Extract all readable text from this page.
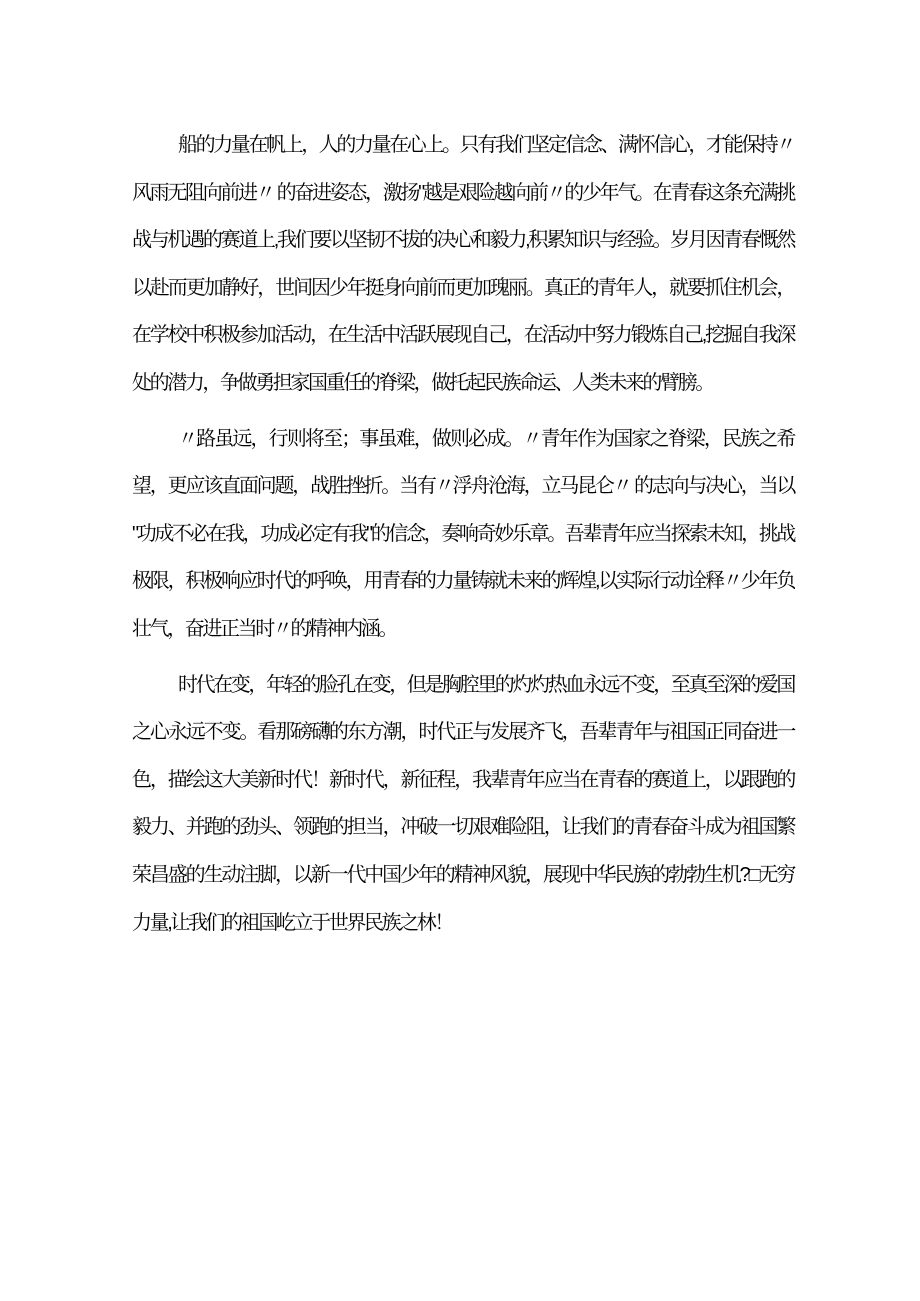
船的力量在帆上，人的力量在心上。只有我们坚定信念、满怀信心，才能保持〃风雨无阻向前进〃 的奋进姿态，激扬"越是艰险越向前〃的少年气。在青春这条充满挑战与机遇的赛道上,我们要以坚韧不拔的决心和毅力,积累知识与经验。岁月因青春慨然以赴而更加静好，世间因少年挺身向前而更加瑰丽。真正的青年人，就要抓住机会，在学校中积极参加活动，在生活中活跃展现自己，在活动中努力锻炼自己,挖掘自我深处的潜力，争做勇担家国重任的脊梁，做托起民族命运、人类未来的臂膀。

〃路虽远，行则将至；事虽难，做则必成。〃青年作为国家之脊梁，民族之希望，更应该直面问题，战胜挫折。当有〃浮舟沧海，立马昆仑〃 的志向与决心，当以 "功成不必在我，功成必定有我"的信念，奏响奇妙乐章。吾辈青年应当探索未知，挑战极限，积极响应时代的呼唤，用青春的力量铸就未来的辉煌,以实际行动诠释〃少年负壮气，奋进正当时〃的精神内涵。

时代在变，年轻的脸孔在变，但是胸腔里的灼灼热血永远不变，至真至深的爱国之心永远不变。看那磅礴的东方潮，时代正与发展齐飞，吾辈青年与祖国正同奋进一色，描绘这大美新时代！新时代，新征程，我辈青年应当在青春的赛道上，以跟跑的毅力、并跑的劲头、领跑的担当，冲破一切艰难险阻，让我们的青春奋斗成为祖国繁荣昌盛的生动注脚，以新一代中国少年的精神风貌，展现中华民族的勃勃生机?□无穷力量,让我们的祖国屹立于世界民族之林！
